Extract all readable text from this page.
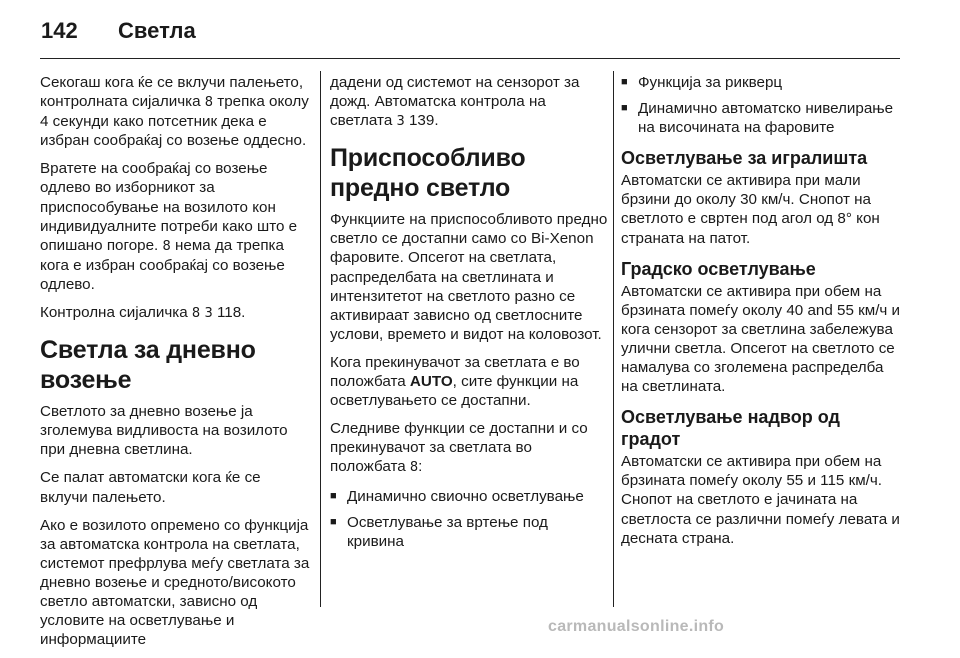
142 Светла

Секогаш кога ќе се вклучи палењето, контролната сијаличка 8 трепка околу 4 секунди како потсетник дека е избран сообраќај со возење оддесно.

Вратете на сообраќај со возење одлево во изборникот за приспособување на возилото кон индивидуалните потреби како што е опишано погоре. 8 нема да трепка кога е избран сообраќај со возење одлево.

Контролна сијаличка 8 3 118.

Светла за дневно возење

Светлото за дневно возење ја зголемува видливоста на возилото при дневна светлина.

Се палат автоматски кога ќе се вклучи палењето.

Ако е возилото опремено со функција за автоматска контрола на светлата, системот префрлува меѓу светлата за дневно возење и средното/високото светло автоматски, зависно од условите на осветлување и информациите

дадени од системот на сензорот за дожд. Автоматска контрола на светлата 3 139.

Приспособливо предно светло

Функциите на приспособливото предно светло се достапни само со Bi-Xenon фаровите. Опсегот на светлата, распределбата на светлината и интензитетот на светлото разно се активираат зависно од светлосните услови, времето и видот на коловозот.

Кога прекинувачот за светлата е во положбата AUTO, сите функции на осветлувањето се достапни.

Следниве функции се достапни и со прекинувачот за светлата во положбата 8:

■ Динамично свиочно осветлување
■ Осветлување за вртење под кривина
■ Функција за рикверц
■ Динамично автоматско нивелирање на височината на фаровите
Осветлување за игралишта

Автоматски се активира при мали брзини до околу 30 км/ч. Снопот на светлото е свртен под агол од 8° кон страната на патот.

Градско осветлување

Автоматски се активира при обем на брзината помеѓу околу 40 and 55 км/ч и кога сензорот за светлина забележува улични светла. Опсегот на светлото се намалува со зголемена распределба на светлината.

Осветлување надвор од градот

Автоматски се активира при обем на брзината помеѓу околу 55 и 115 км/ч. Снопот на светлото е јачината на светлоста се различни помеѓу левата и десната страна.

carmanualsonline.info
